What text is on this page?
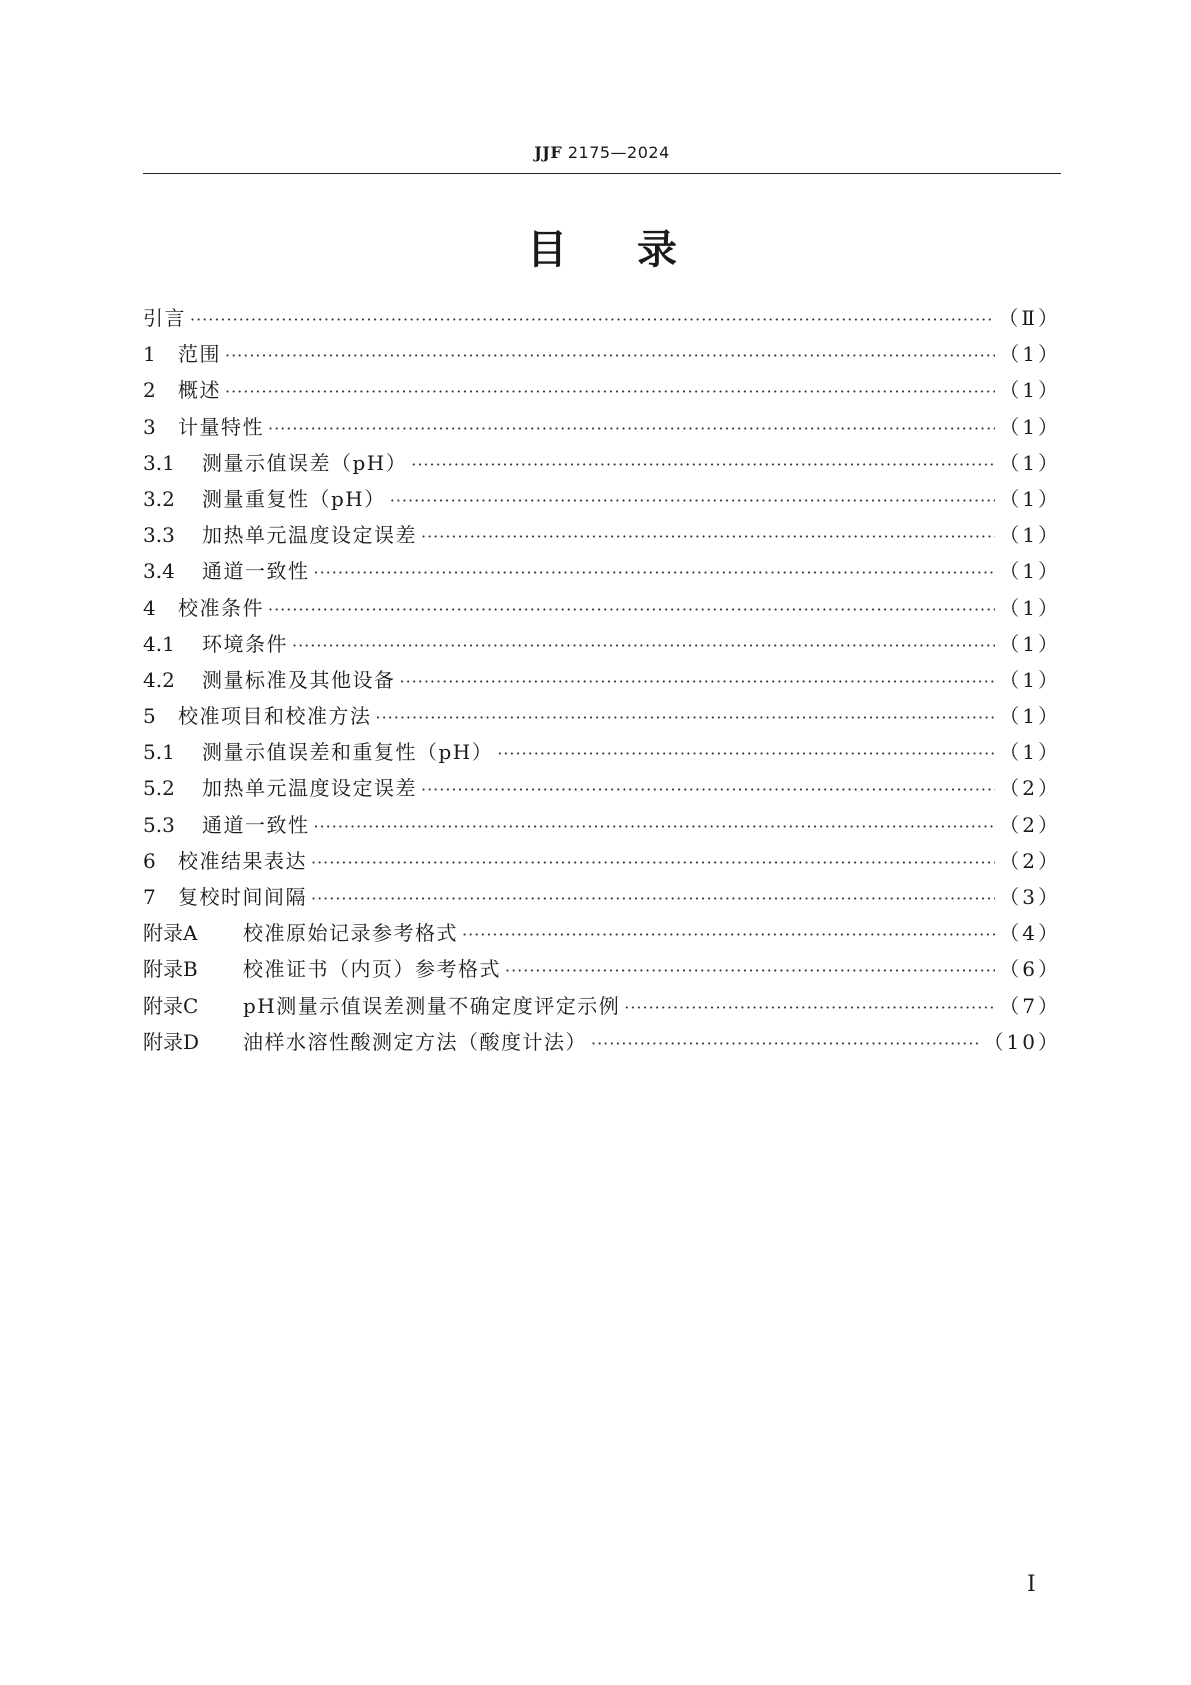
JJF 2175—2024
目录
引言 ·····	（Ⅱ）
1	范围 ·····	（1）
2	概述 ·····	（1）
3	计量特性 ·····	（1）
3.1	测量示值误差（pH） ·····	（1）
3.2	测量重复性（pH） ·····	（1）
3.3	加热单元温度设定误差 ·····	（1）
3.4	通道一致性 ·····	（1）
4	校准条件 ·····	（1）
4.1	环境条件 ·····	（1）
4.2	测量标准及其他设备 ·····	（1）
5	校准项目和校准方法 ·····	（1）
5.1	测量示值误差和重复性（pH） ·····	（1）
5.2	加热单元温度设定误差 ·····	（2）
5.3	通道一致性 ·····	（2）
6	校准结果表达 ·····	（2）
7	复校时间间隔 ·····	（3）
附录A	校准原始记录参考格式 ·····	（4）
附录B	校准证书（内页）参考格式 ·····	（6）
附录C	pH测量示值误差测量不确定度评定示例 ·····	（7）
附录D	油样水溶性酸测定方法（酸度计法） ·····	（10）
Ⅰ
